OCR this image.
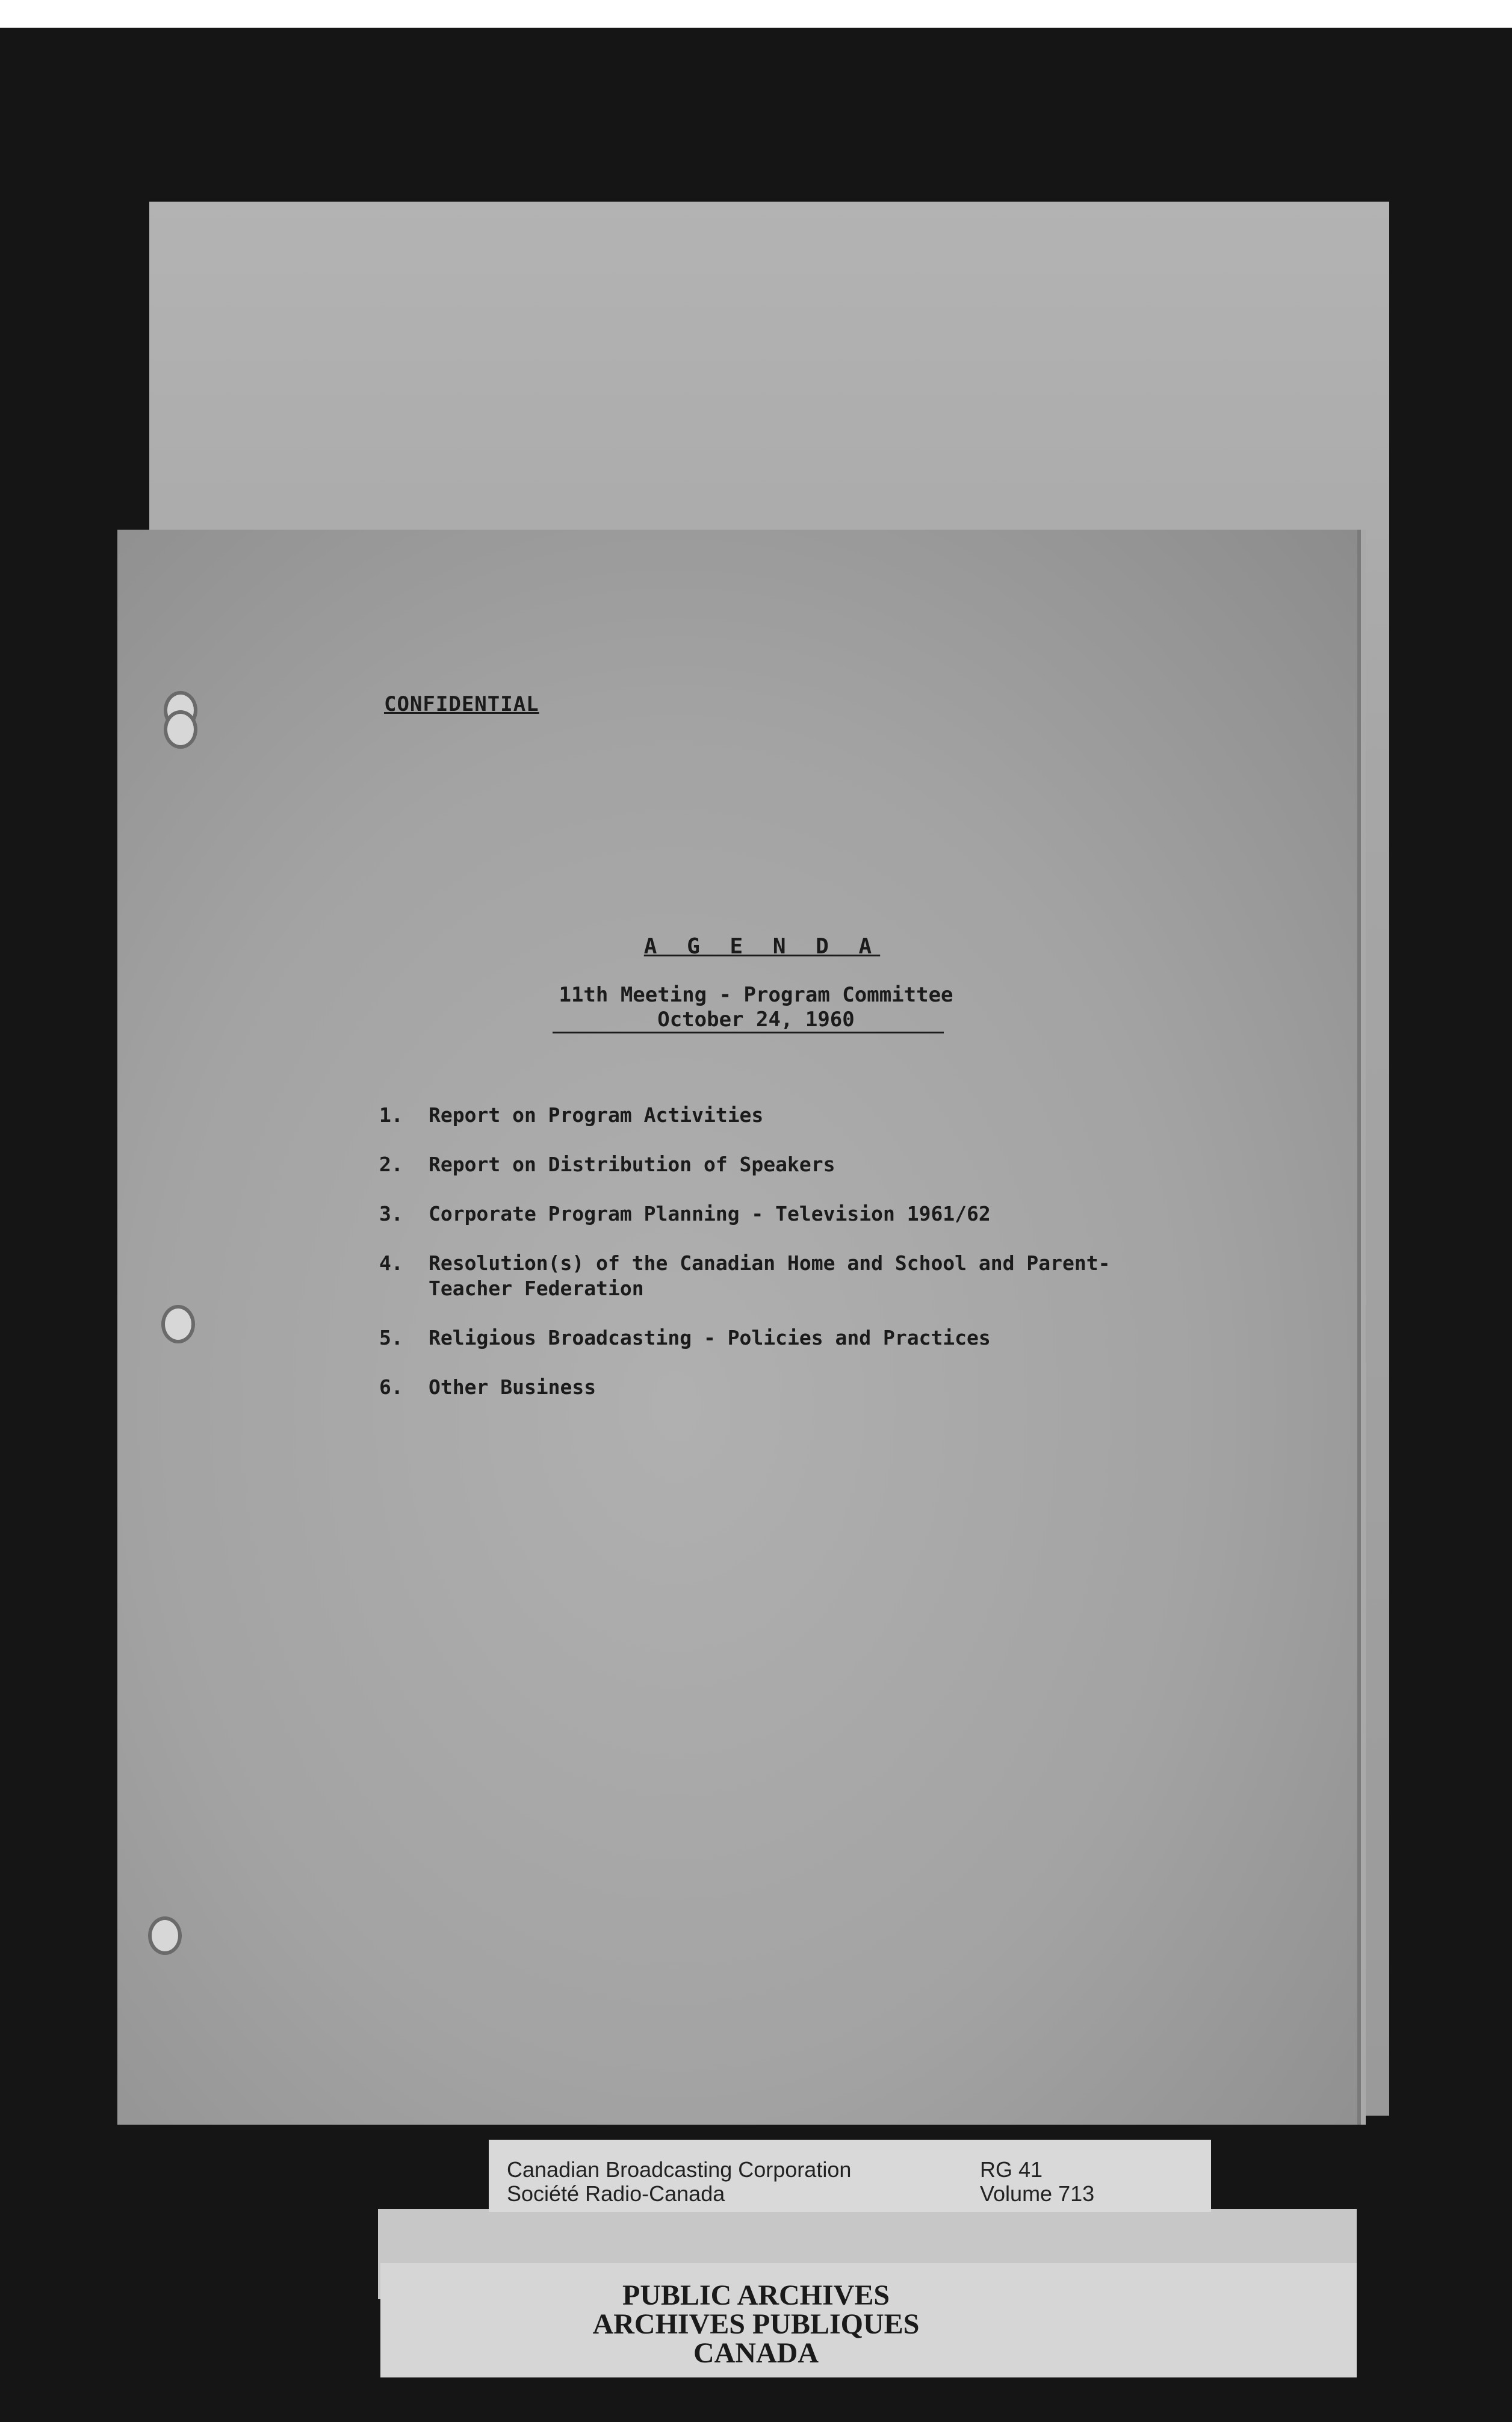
CONFIDENTIAL
A G E N D A
11th Meeting - Program Committee
October 24, 1960
1.	Report on Program Activities
2.	Report on Distribution of Speakers
3.	Corporate Program Planning - Television 1961/62
4.	Resolution(s) of the Canadian Home and School and Parent-Teacher Federation
5.	Religious Broadcasting - Policies and Practices
6.	Other Business
Canadian Broadcasting Corporation
Société Radio-Canada
RG 41
Volume 713
PUBLIC ARCHIVES
ARCHIVES PUBLIQUES
CANADA
